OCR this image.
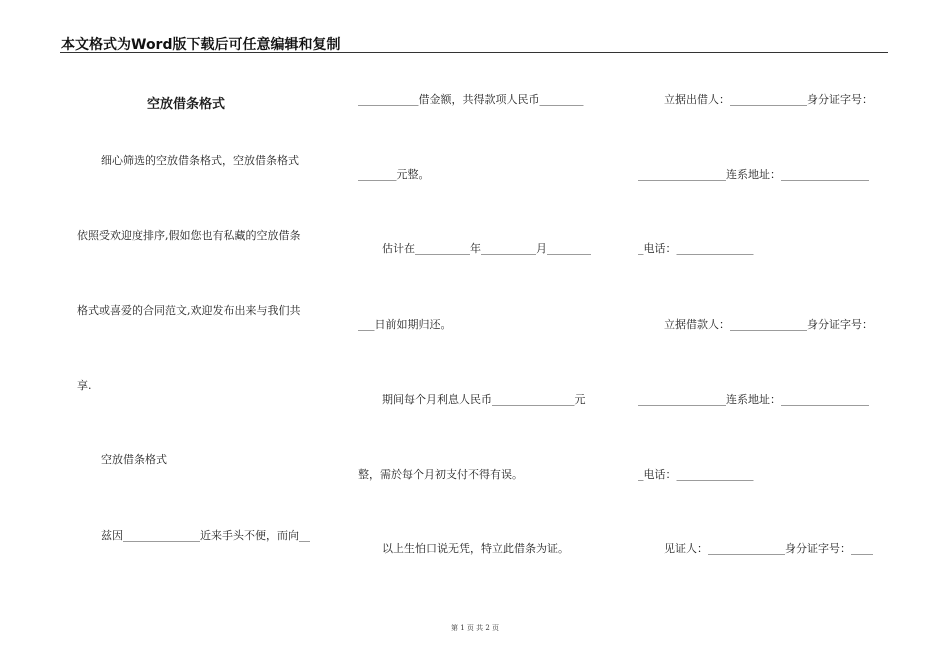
本文格式为Word版下载后可任意编辑和复制
空放借条格式
细心筛选的空放借条格式，空放借条格式
依照受欢迎度排序,假如您也有私藏的空放借条
格式或喜爱的合同范文,欢迎发布出来与我们共
享.
空放借条格式
兹因______________近来手头不便，而向__
___________借金额，共得款项人民币________
_______元整。
估计在__________年__________月________
___日前如期归还。
期间每个月利息人民币_______________元
整，需於每个月初支付不得有误。
以上生怕口说无凭，特立此借条为证。
立据出借人：______________身分证字号：
________________连系地址：________________
_电话：______________
立据借款人：______________身分证字号：
________________连系地址：________________
_电话：______________
见证人：______________身分证字号：____
第 1 页 共 2 页
